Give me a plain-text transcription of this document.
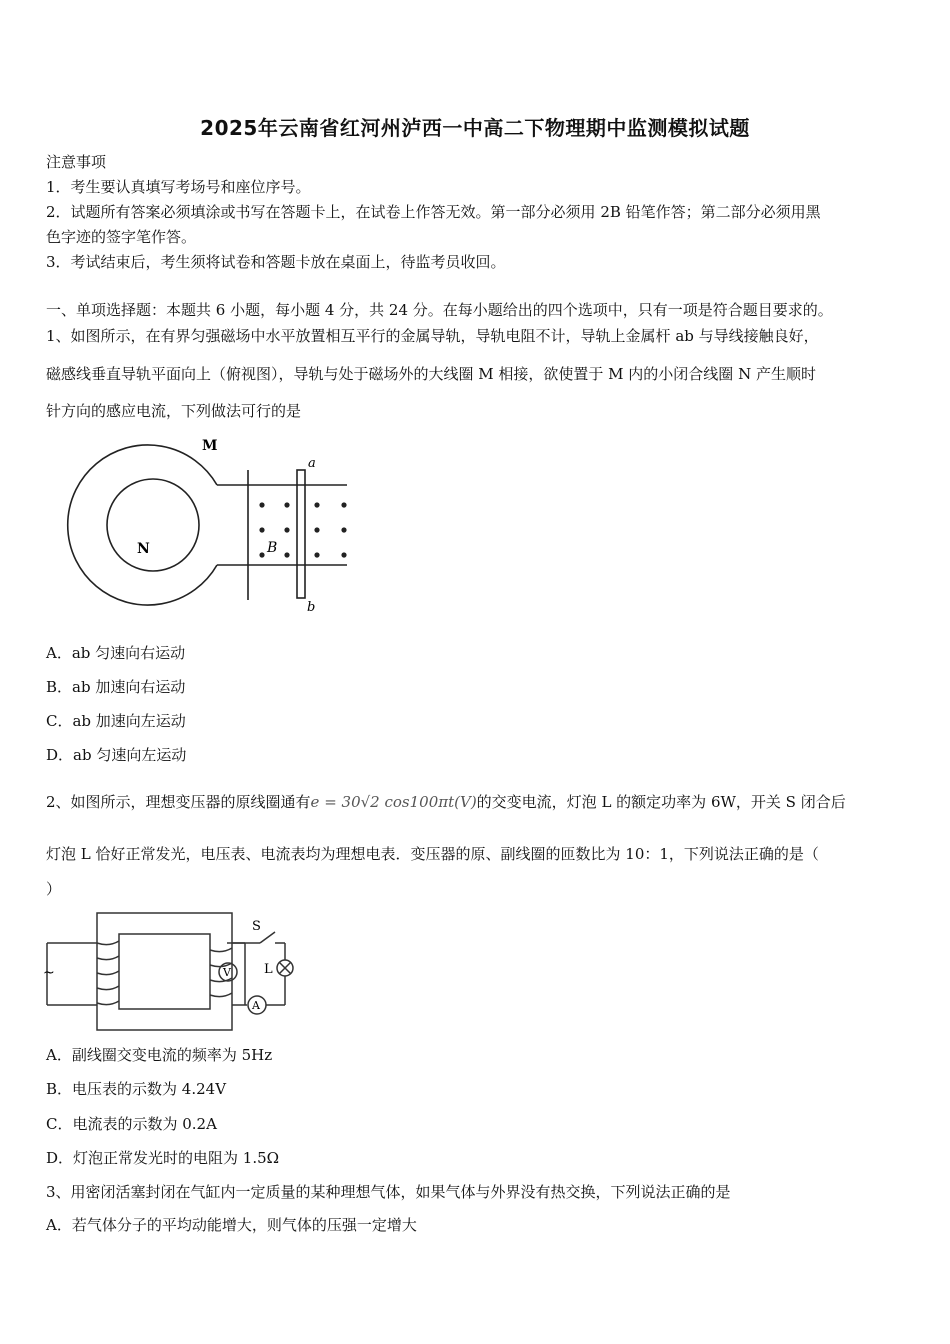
2025年云南省红河州泸西一中高二下物理期中监测模拟试题
注意事项
1．考生要认真填写考场号和座位序号。
2．试题所有答案必须填涂或书写在答题卡上，在试卷上作答无效。第一部分必须用 2B 铅笔作答；第二部分必须用黑
色字迹的签字笔作答。
3．考试结束后，考生须将试卷和答题卡放在桌面上，待监考员收回。
一、单项选择题：本题共 6 小题，每小题 4 分，共 24 分。在每小题给出的四个选项中，只有一项是符合题目要求的。
1、如图所示，在有界匀强磁场中水平放置相互平行的金属导轨，导轨电阻不计，导轨上金属杆 ab 与导线接触良好，
磁感线垂直导轨平面向上（俯视图），导轨与处于磁场外的大线圈 M 相接，欲使置于 M 内的小闭合线圈 N 产生顺时
针方向的感应电流，下列做法可行的是
M
N	B
a
b
A．ab 匀速向右运动
B．ab 加速向右运动
C．ab 加速向左运动
D．ab 匀速向左运动
2、如图所示，理想变压器的原线圈通有e = 30√2 cos100πt(V)的交变电流，灯泡 L 的额定功率为 6W，开关 S 闭合后
灯泡 L 恰好正常发光，电压表、电流表均为理想电表．变压器的原、副线圈的匝数比为 10：1，下列说法正确的是（
）
S
L
V
A
~
A．副线圈交变电流的频率为 5Hz
B．电压表的示数为 4.24V
C．电流表的示数为 0.2A
D．灯泡正常发光时的电阻为 1.5Ω
3、用密闭活塞封闭在气缸内一定质量的某种理想气体，如果气体与外界没有热交换，下列说法正确的是
A．若气体分子的平均动能增大，则气体的压强一定增大
